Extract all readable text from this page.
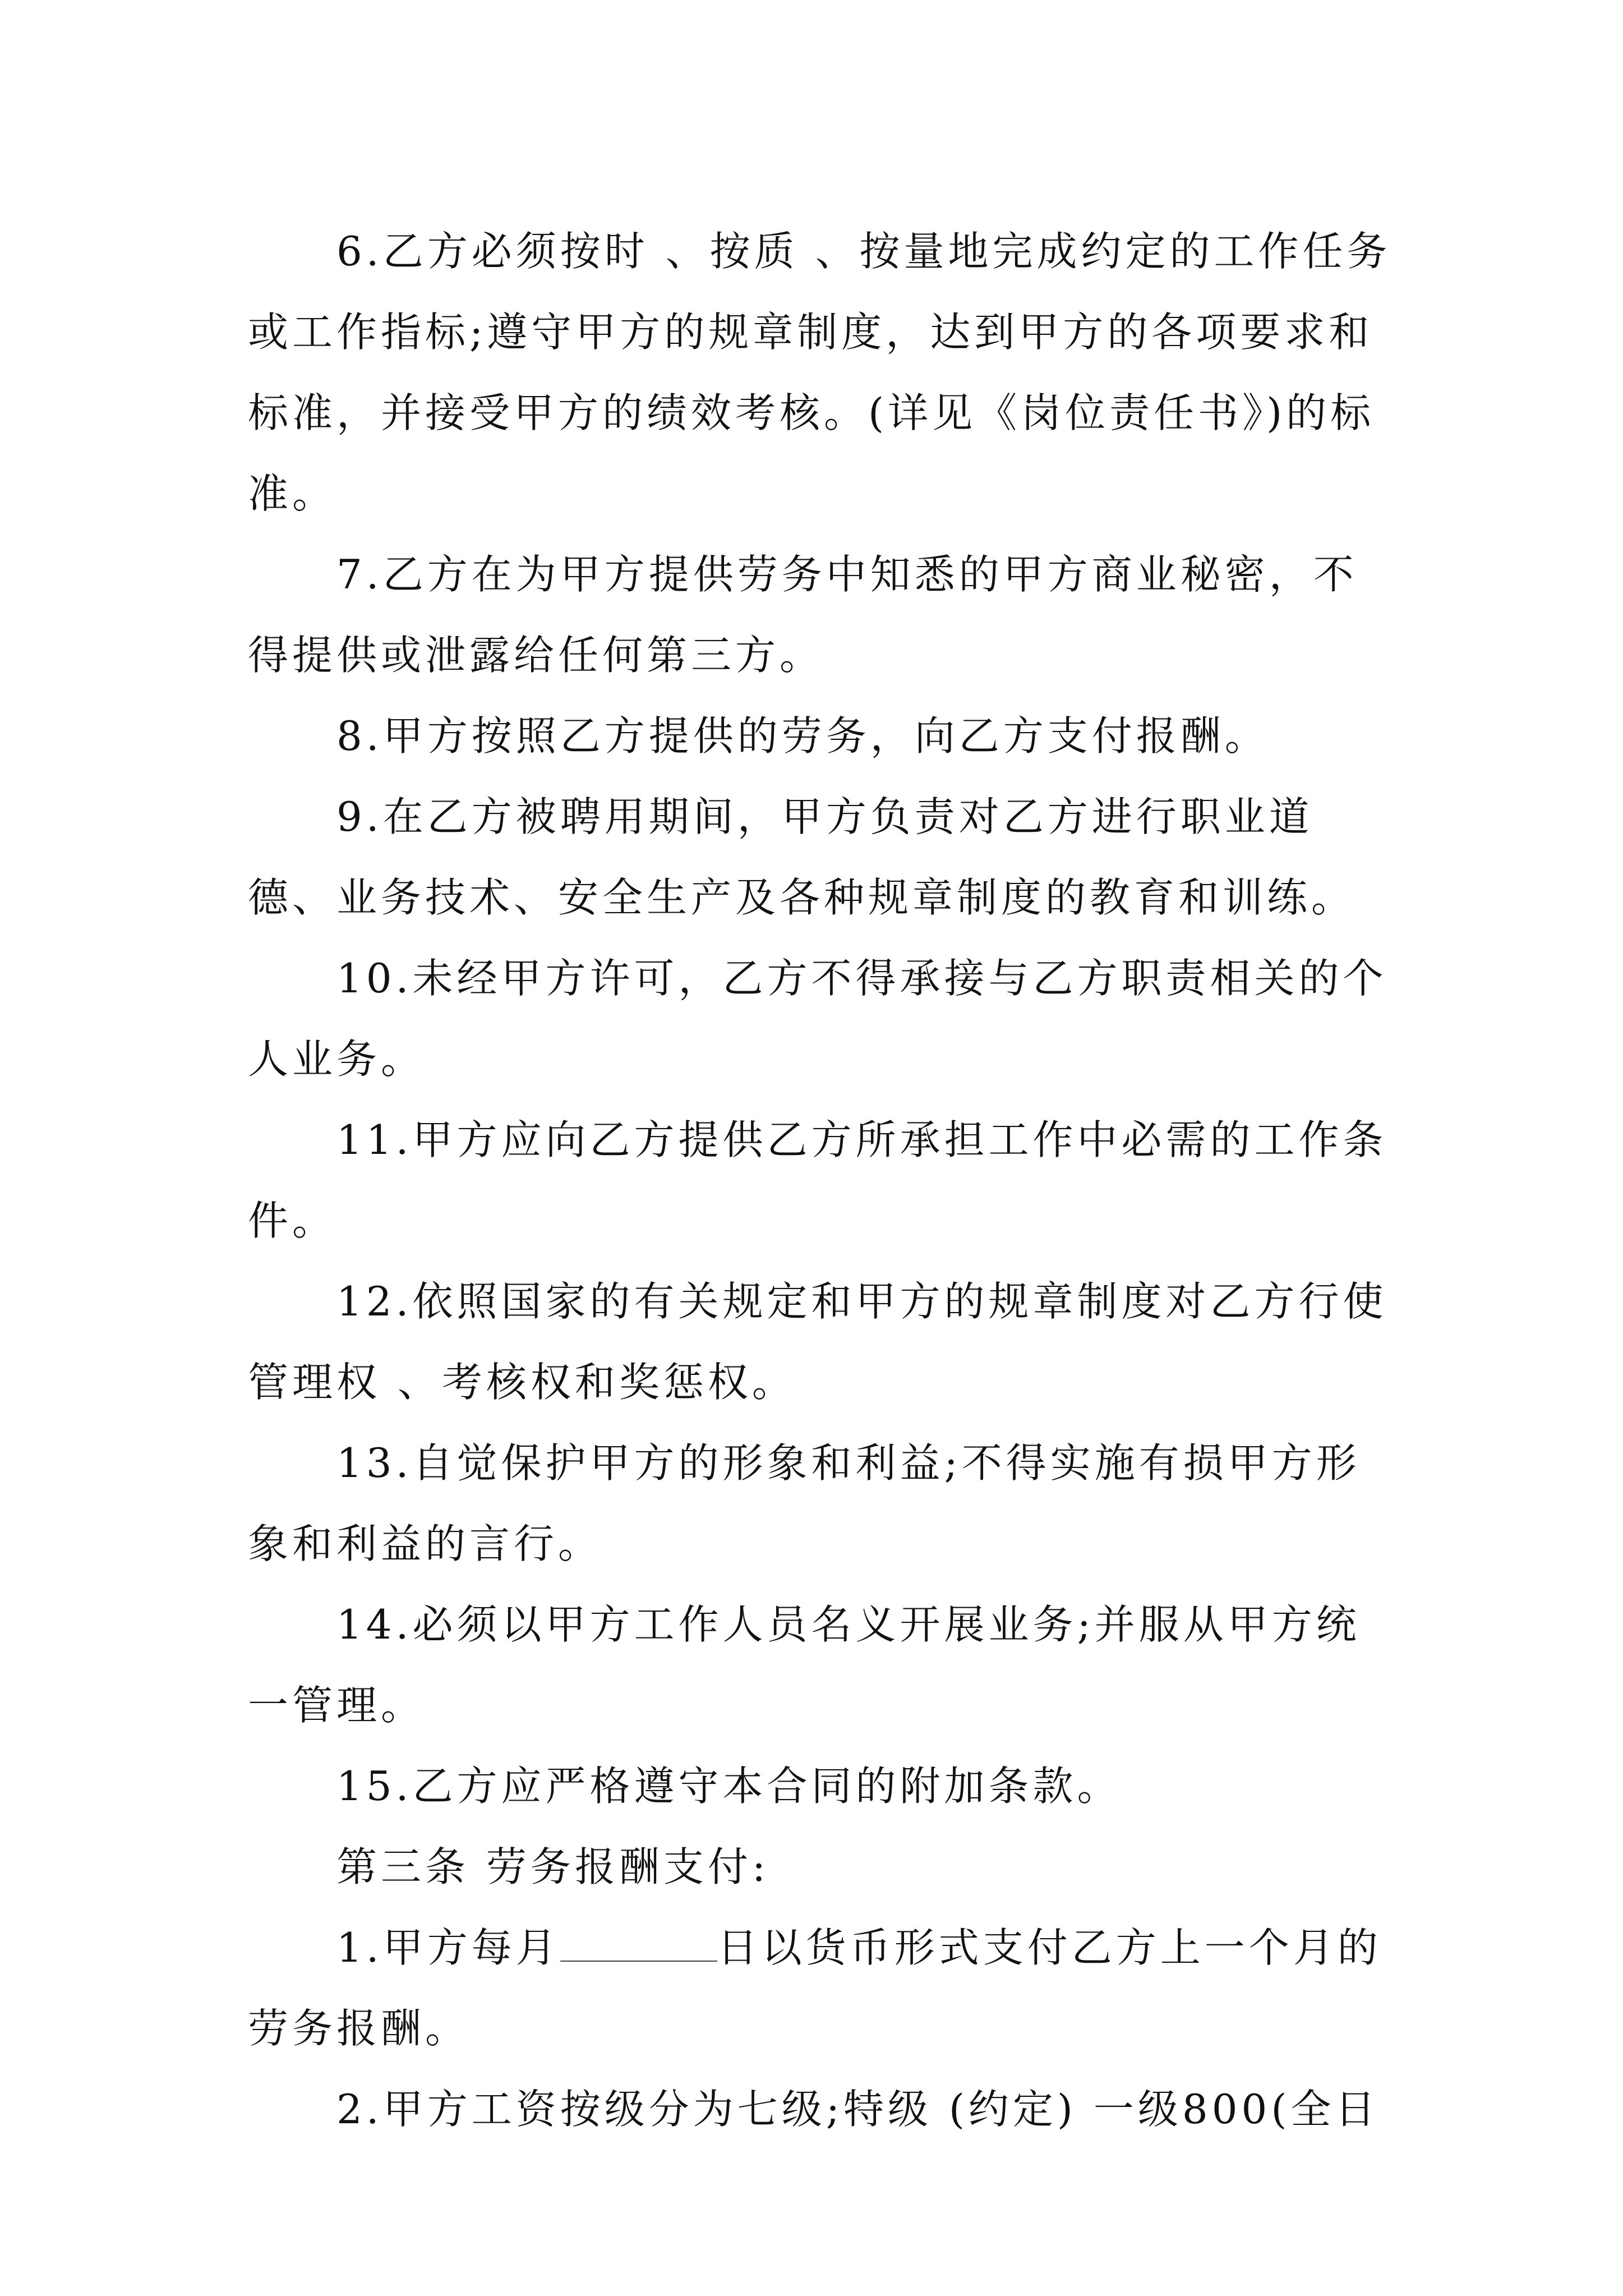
6.乙方必须按时 、按质 、按量地完成约定的工作任务或工作指标;遵守甲方的规章制度，达到甲方的各项要求和标准，并接受甲方的绩效考核。(详见《岗位责任书》)的标准。

7.乙方在为甲方提供劳务中知悉的甲方商业秘密，不得提供或泄露给任何第三方。

8.甲方按照乙方提供的劳务，向乙方支付报酬。

9.在乙方被聘用期间，甲方负责对乙方进行职业道德、业务技术、安全生产及各种规章制度的教育和训练。

10.未经甲方许可，乙方不得承接与乙方职责相关的个人业务。

11.甲方应向乙方提供乙方所承担工作中必需的工作条件。

12.依照国家的有关规定和甲方的规章制度对乙方行使管理权 、考核权和奖惩权。

13.自觉保护甲方的形象和利益;不得实施有损甲方形象和利益的言行。

14.必须以甲方工作人员名义开展业务;并服从甲方统一管理。

15.乙方应严格遵守本合同的附加条款。

第三条 劳务报酬支付:

1.甲方每月	日以货币形式支付乙方上一个月的劳务报酬。

2.甲方工资按级分为七级;特级 (约定) 一级800(全日
